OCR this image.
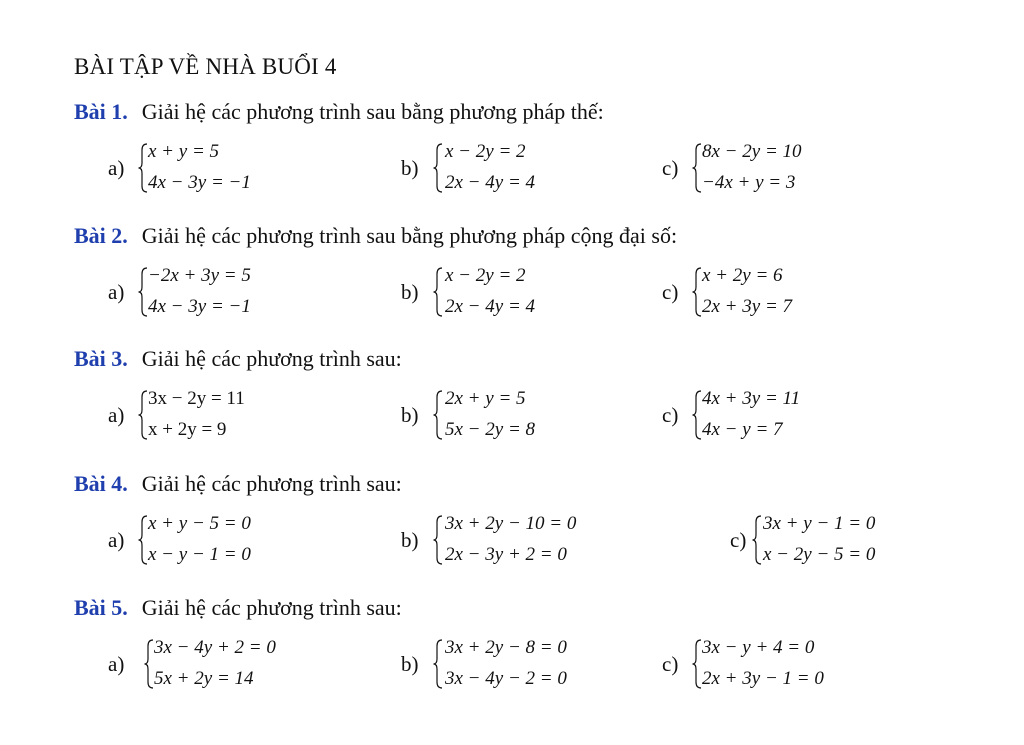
BÀI TẬP VỀ NHÀ BUỔI 4
Bài 1. Giải hệ các phương trình sau bằng phương pháp thế:
a)
x + y = 5
4x − 3y = −1
b)
x − 2y = 2
2x − 4y = 4
c)
8x − 2y = 10
−4x + y = 3
Bài 2. Giải hệ các phương trình sau bằng phương pháp cộng đại số:
a)
−2x + 3y = 5
4x − 3y = −1
b)
x − 2y = 2
2x − 4y = 4
c)
x + 2y = 6
2x + 3y = 7
Bài 3. Giải hệ các phương trình sau:
a)
3x − 2y = 11
x + 2y = 9
b)
2x + y = 5
5x − 2y = 8
c)
4x + 3y = 11
4x − y = 7
Bài 4. Giải hệ các phương trình sau:
a)
x + y − 5 = 0
x − y − 1 = 0
b)
3x + 2y − 10 = 0
2x − 3y + 2 = 0
c)
3x + y − 1 = 0
x − 2y − 5 = 0
Bài 5. Giải hệ các phương trình sau:
a)
3x − 4y + 2 = 0
5x + 2y = 14
b)
3x + 2y − 8 = 0
3x − 4y − 2 = 0
c)
3x − y + 4 = 0
2x + 3y − 1 = 0
